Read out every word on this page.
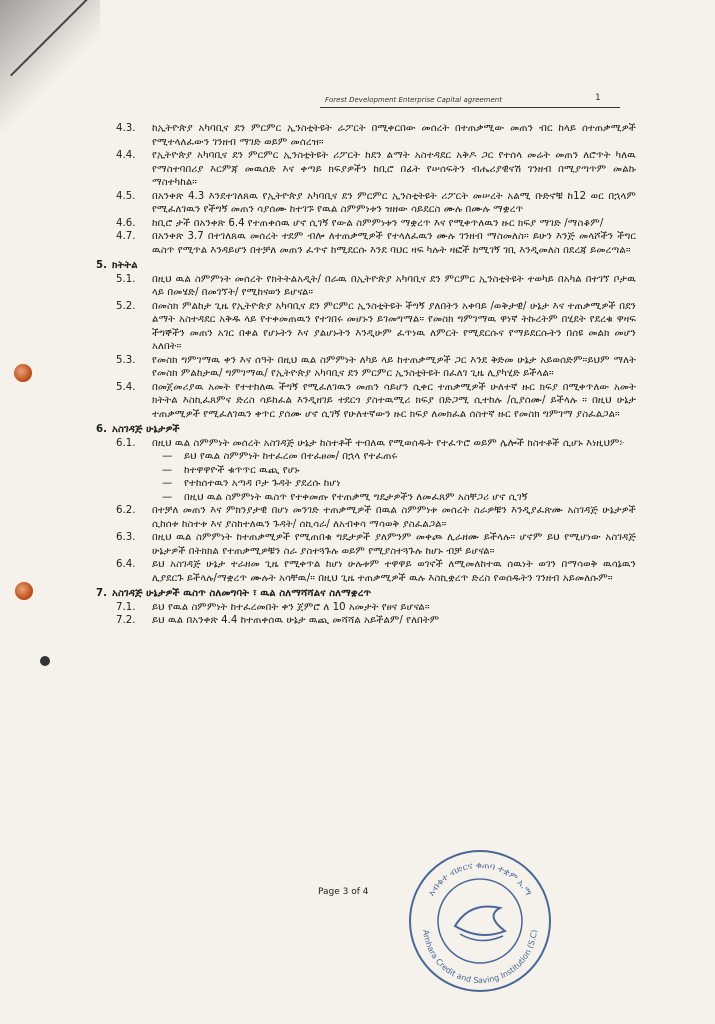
Forest Development Enterprise Capital agreement	1
4.3.	ከኢትዮጵያ አካባቢና ደን ምርምር ኢንስቲትዩት ራፖርት በሚቀርበው መሰረት በተጠቃሚው መጠን ብር ከላይ ሰተጠቃሚዎች የሚተላለፈውን ገንዘብ ማገድ ወይም መሰረዝ።
4.4.	የኢትዮጵያ አካባቢና ደን ምርምር ኢንስቲትዩት ሪፖርት ከደን ልማት አስተዳደር አቅዶ ጋር የተሰላ መሬት መጠን ለሮጥት ካለዉ የማስተባበሪያ እርምጃ መዉሰድ እና ቀጣይ ክፍያዎችን ከቢሮ በፊት የሠሰፍትን ብሔሪያዊናሽ ገንዘብ በሚያጣጥም መልኩ ማስተካከል።
4.5.	በአንቀጽ 4.3 እንደተገለጸዉ የኢትዮጵያ አካባቢና ደን ምርምር ኢንስቲትዩት ሪፖርት መሠረት አልሚ ቡድኖቹ ከ12 ወር በኋላም የሚፈለገዉን የችግኝ መጠን ሳያሰሙ ከተገኙ የዉል ስምምነቱን ዝዘው ሳይደርስ ሙሉ በሙሉ ማቋረጥ
4.6.	ከቢሮ ታች በአንቀጽ 6.4 የተጠቀሰዉ ሆኖ ሲገኝ የውል ስምምነቱን ማቋረጥ እና የሚቀጥለዉን ዙር ክፍያ ማገድ /ማስቆም/
4.7.	በአንቀጽ 3.7 በተገለጸዉ መሰረት ተደም ብሎ ለተጠቃሚዎች የተላለፈዉን ሙሉ ገንዘብ ማስመለስ። ይሁን እንጅ መላሾችን ችግር ዉስጥ የሚጥል እንዳይሆን በተቻለ መጠን ፈጥኖ ከሚደርሱ እንደ ባህር ዛፍ ካሉት ዛፎች ከሚገኝ ገቢ እንዲመለስ በደረጃ ይመረጣል።
5. ክትትል
5.1.	በዚህ ዉል ስምምነት መሰረት የክትትልአዲት/ በራዉ በኢትዮጵያ አካባቢና ደን ምርምር ኢንስቲትዩት ተወካይ በአካል በተገኘ ቦታዉ ላይ በመሄድ/ በመገኘት/ የሚከናወን ይሆናል።
5.2.	በመስክ ምልከታ ጊዜ የኢትዮጵያ አካባቢና ደን ምርምር ኢንስቲትዩት ችግኝ ያለበትን አቀባይ /ወቅታዊ/ ሁኔታ እና ተጠቃሚዎች በደን ልማት አስተዳደር አቅዱ ላይ የተቀመጠዉን የተገበሩ መሆኑን ይገመግማል። የመስክ ግምገማዉ ዋነኛ ትኩረትም በሂደት የደረቁ ዋዛፍ ችግኞችን መጠን አገር በቀል የሆኑትን እና ያልሆኑትን እንዲሁም ፈጥነዉ ለምርት የሚደርሱና የማይደርሱትን በሰዩ መልክ መሆን አለበት።
5.3.	የመስክ ግምገማዉ ቀን እና ሰዓት በዚህ ዉል ስምምነት ለካይ ላይ ከተጠቃሚዎች ጋር እንደ ቅድመ ሁኔታ አይወሰድም።ይህም ማለት የመስክ ምልከታዉ/ ግምገማዉ/ የኢትዮጵያ አካባቢና ደን ምርምር ኢንስቲትዩት በፈለገ ጊዜ ሊያካሂድ ይችላል።
5.4.	በመጀመሪያዉ አመት የተተከለዉ ችግኝ የሚፈለገዉን መጠን ሳይሆን ሲቀር ተጠቃሚዎች ሁለተኛ ዙር ክፍያ በሚቀጥለው አመት ክትትል እስኪፈጸምና ድረስ ሳይከፈል እንዲዘገይ ተደርጎ ያስተዉሚሪ ክፍያ በድጋሚ ሲተከሉ /ሲያሰሙ/ ይችላሉ ። በዚህ ሁኔታ ተጠቃሚዎች የሚፈለገዉን ቀጥር ያሰሙ ሆኖ ሲገኝ የሁለተኛውን ዙር ክፍያ ለመክፈል ሰስተኛ ዙር የመስክ ግምገማ ያስፈልጋል።
6. አስገዳጅ ሁኔታዎች
6.1.	በዚህ ዉል ስምምነት መሰረት አስገዳጅ ሁኔታ ከስተቶች ተብለዉ የሚወሰዱት የተፈጥሮ ወይም ሌሎች ክስተቶች ሲሆኑ እነዚህም፦
—	ይህ የዉል ስምምነት ከተፈረመ በተፈፀመ/ በኋላ የተፈጠሩ
—	ከተዋዋዮች ቁጥጥር ዉጪ የሆኑ
—	የተከሰተዉን አጣዳ ቦታ ጉዳት ያደረሱ ከሆነ
—	በዚህ ዉል ስምምነት ዉስጥ የተቀመጡ የተጠቃሚ ግዴታዎችን ለመፈጸም አስቸጋሪ ሆኖ ሲገኝ
6.2.	በተቻለ መጠን እና ምክንያታዊ በሆነ መንገድ ተጠቃሚዎች በዉል ስምምነቱ መሰረት ስራዎቹን እንዲያፈጽሙ አስገዳጅ ሁኔታዎች ሲከሰቱ ከስተቱ እና ያስከተለዉን ጉዳት/ ሰኪሳራ/ ለአብቀሳ ማሳወቅ ያስፈልጋል።
6.3.	በዚህ ዉል ስምምነት ከተጠቃሚዎች የሚጠበቁ ግዴታዎች ያለምንም መቀጮ ሊራዘሙ ይችላሉ። ሆኖም ይህ የሚሆነው አስገዳጅ ሁኔታዎች በትክክል የተጠቃሚዎቹን ስራ ያስተጓጉሉ ወይም የሚያስተጓጉሉ ከሆኑ ብቻ ይሆናል።
6.4.	ይህ አስገዳጅ ሁኔታ ተራዘመ ጊዜ የሚቀጥል ከሆነ ሁሉቱም ተዋዋይ ወገኖች ለሚመለከተዉ ሰዉነት ወገን በማሳወቅ ዉሳኔዉን ሊያደርጉ ይችላሉ/ማቋረጥ ሙሉት አሳቸዉ/። በዚህ ጊዜ ተጠቃሚዎች ዉሉ እስኪቋረጥ ድረስ የወሰዱትን ገንዘብ አይመለሱም።
7. አስገዳጅ ሁኔታዎች ዉስጥ ስለመግባት ፣ ዉል ስለማሻሻልና ስለማቋረጥ
7.1.	ይህ የዉል ስምምነት ከተፈረመበት ቀን ጀምሮ ለ 10 አመታት የፀና ይሆናል።
7.2.	ይህ ዉል በአንቀጽ 4.4 ከተጠቀሰዉ ሁኔታ ዉጪ መሻሻል አይችልም/ የለበትም
Page 3 of 4	አብቁተ ብድርና ቁጠባ ተቋም አ.ማ
Amhara Credit and Saving Institution (S.C)
